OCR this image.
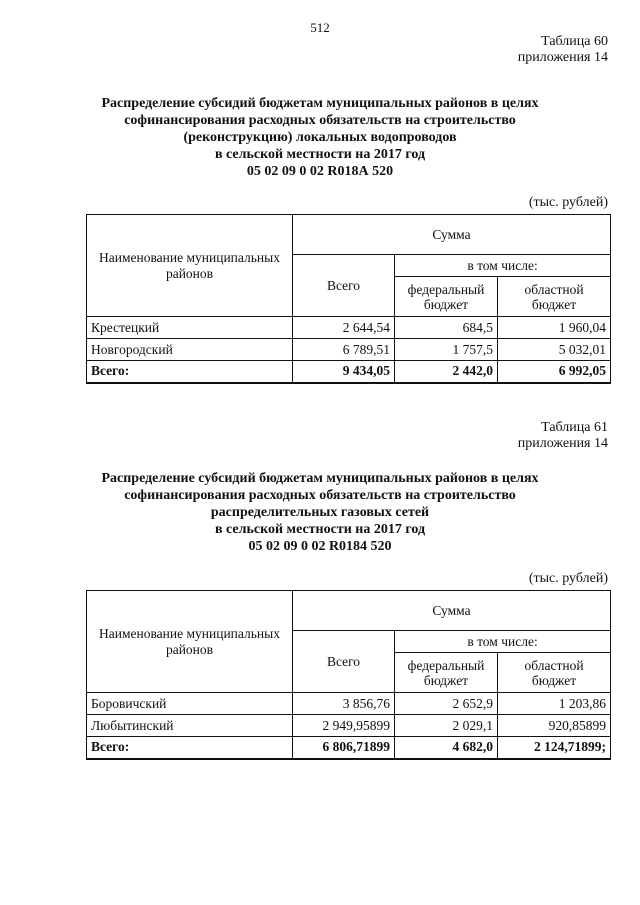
512
Таблица 60
приложения 14
Распределение субсидий бюджетам муниципальных районов в целях
софинансирования расходных обязательств на строительство
(реконструкцию) локальных водопроводов
в сельской местности на 2017 год
05 02 09 0 02 R018А 520
(тыс. рублей)
Наименование муниципальных районов	Сумма		
	Всего	в том числе:	
		федеральный бюджет	областной бюджет
Крестецкий	2 644,54	684,5	1 960,04
Новгородский	6 789,51	1 757,5	5 032,01
Всего:	9 434,05	2 442,0	6 992,05
Таблица 61
приложения 14
Распределение субсидий бюджетам муниципальных районов в целях
софинансирования расходных обязательств на строительство
распределительных газовых сетей
в сельской местности на 2017 год
05 02 09 0 02 R0184 520
(тыс. рублей)
Наименование муниципальных районов	Сумма		
	Всего	в том числе:	
		федеральный бюджет	областной бюджет
Боровичский	3 856,76	2 652,9	1 203,86
Любытинский	2 949,95899	2 029,1	920,85899
Всего:	6 806,71899	4 682,0	2 124,71899;
